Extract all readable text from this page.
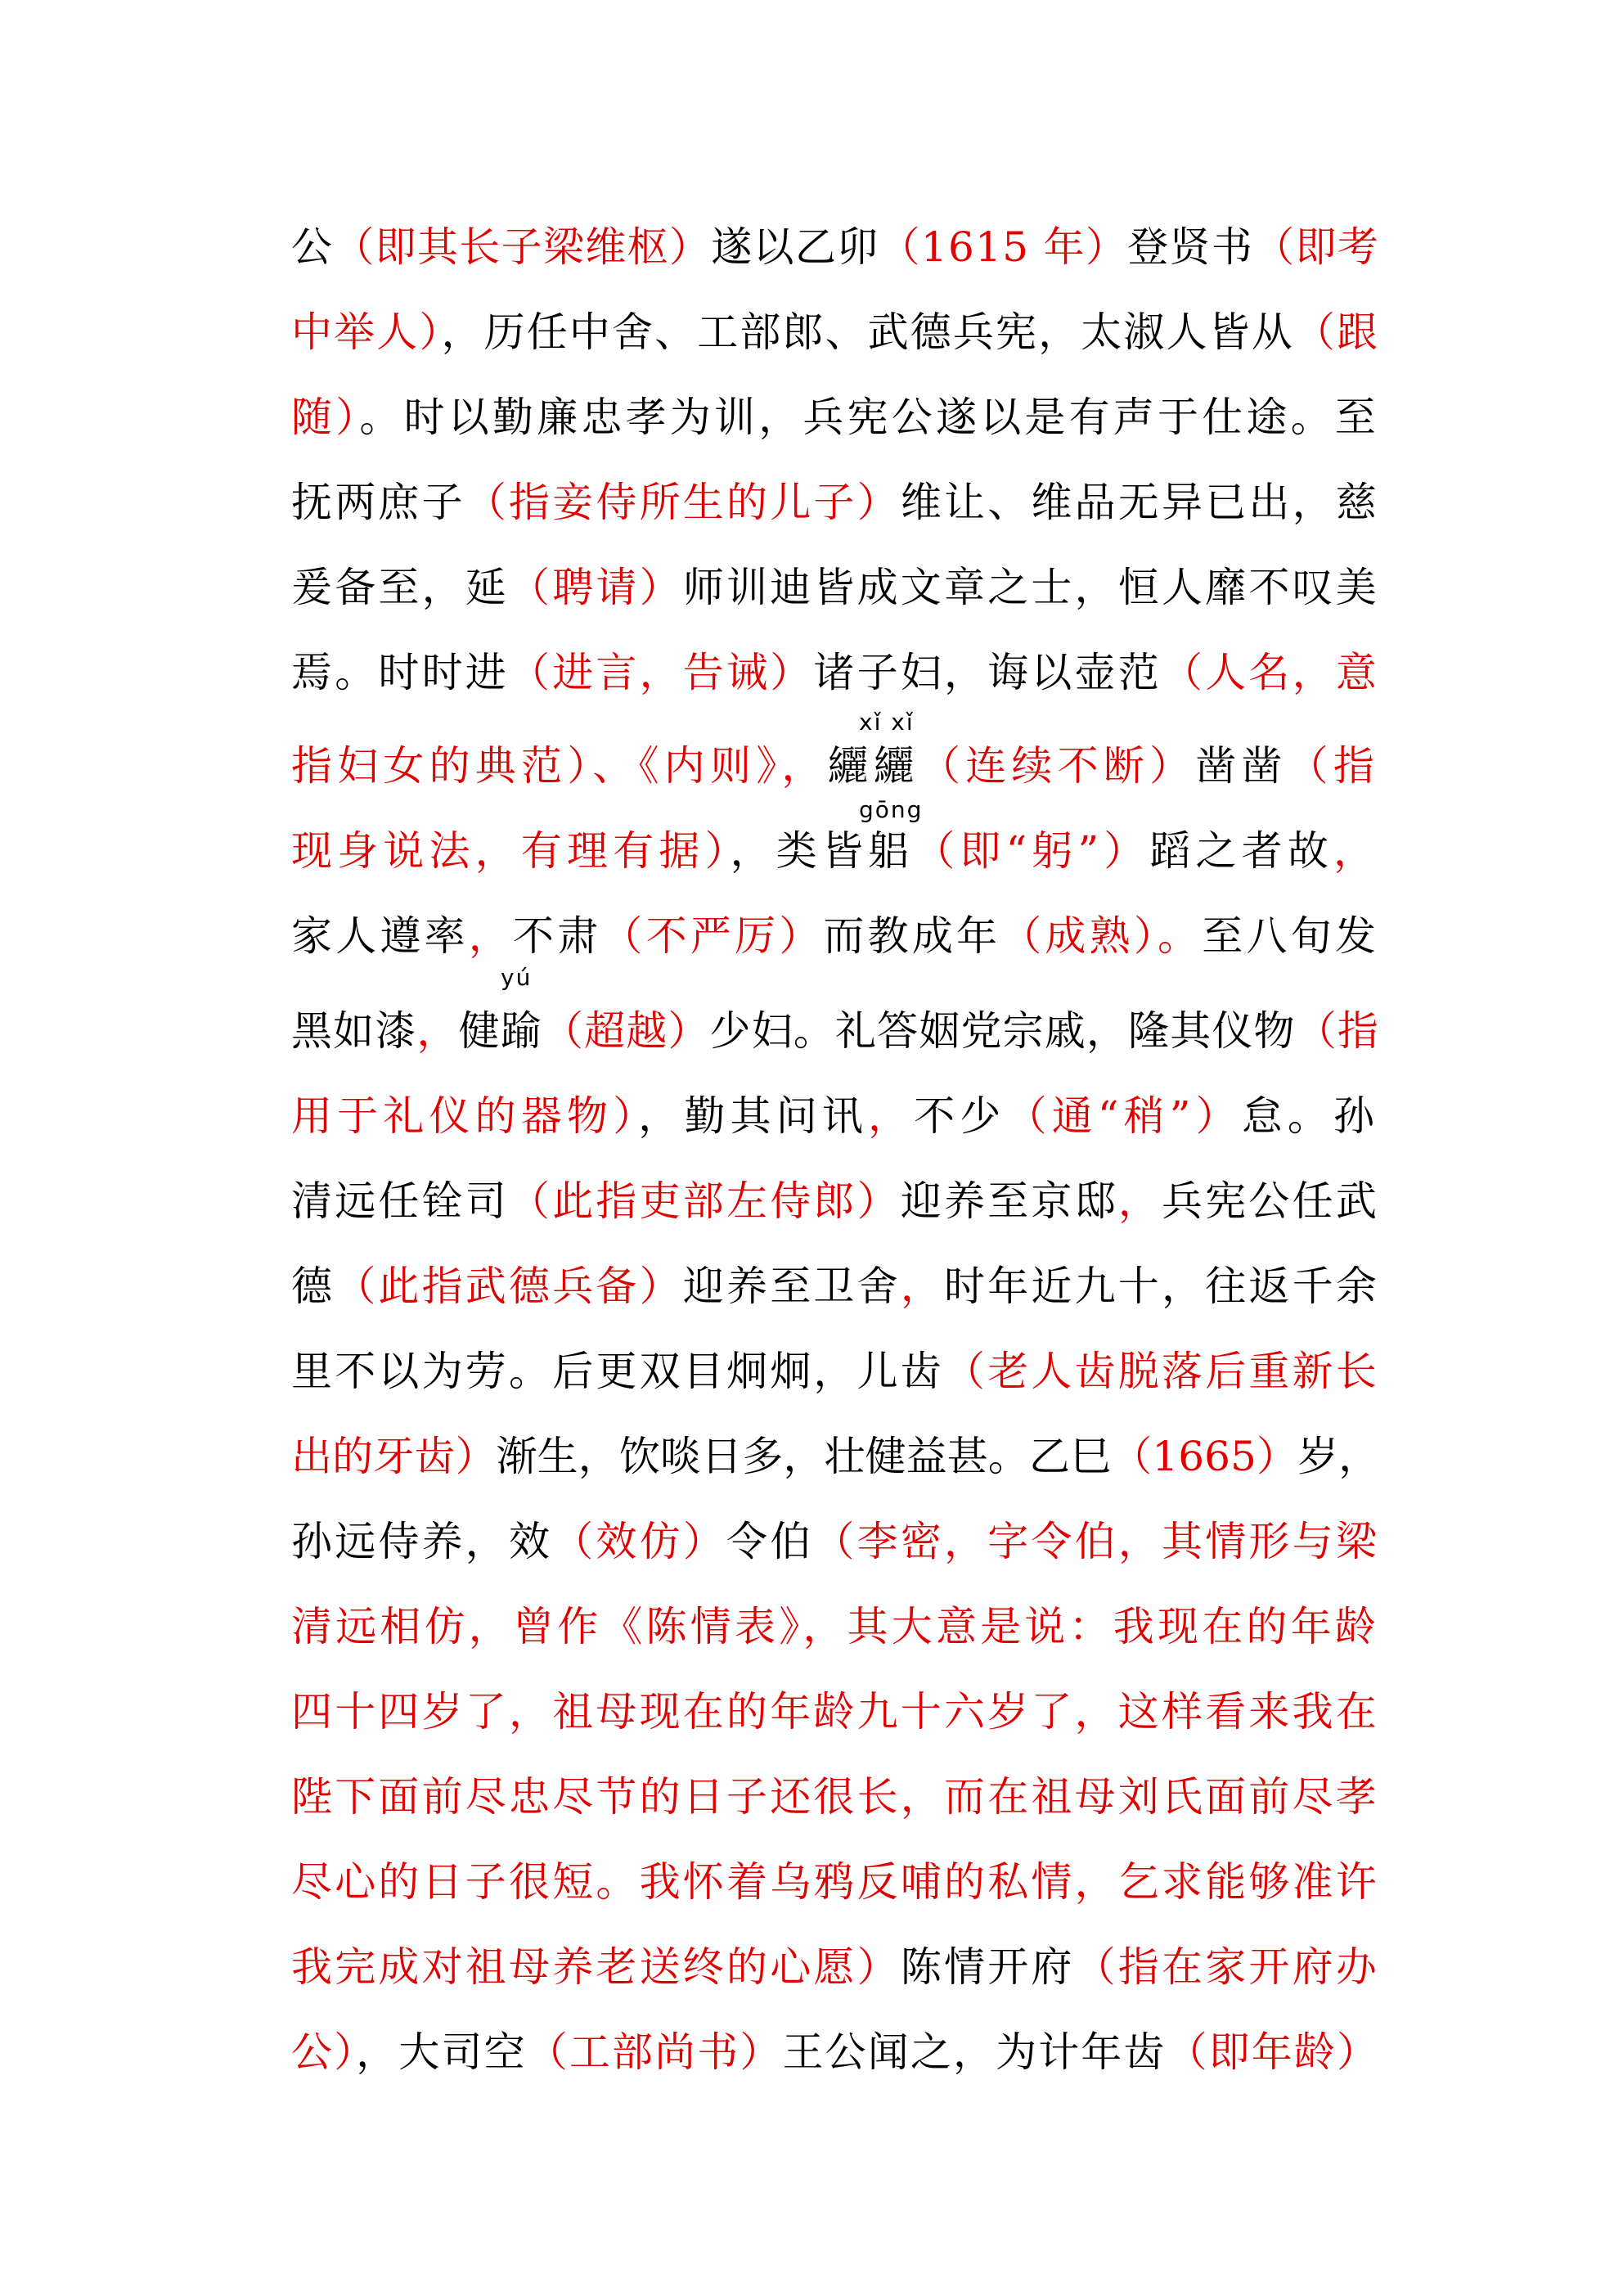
公（即其长子梁维枢）遂以乙卯（1615 年）登贤书（即考
中举人），历任中舍、工部郎、武德兵宪，太淑人皆从（跟
随）。时以勤廉忠孝为训，兵宪公遂以是有声于仕途。至
抚两庶子（指妾侍所生的儿子）维让、维品无异已出，慈
爰备至，延（聘请）师训迪皆成文章之士，恒人靡不叹美
焉。时时进（进言，告诫）诸子妇，诲以壶范（人名，意
指妇女的典范）、《内则》，纚纚（连续不断）凿凿（指
现身说法，有理有据），类皆躳（即“躬”）蹈之者故，
家人遵率，不肃（不严厉）而教成年（成熟）。至八旬发
黑如漆，健踰（超越）少妇。礼答姻党宗戚，隆其仪物（指
用于礼仪的器物），勤其问讯，不少（通“稍”）怠。孙
清远任铨司（此指吏部左侍郎）迎养至京邸，兵宪公任武
德（此指武德兵备）迎养至卫舍，时年近九十，往返千余
里不以为劳。后更双目炯炯，儿齿（老人齿脱落后重新长
出的牙齿）渐生，饮啖日多，壮健益甚。乙巳（1665）岁，
孙远侍养，效（效仿）令伯（李密，字令伯，其情形与梁
清远相仿，曾作《陈情表》，其大意是说：我现在的年龄
四十四岁了，祖母现在的年龄九十六岁了，这样看来我在
陛下面前尽忠尽节的日子还很长，而在祖母刘氏面前尽孝
尽心的日子很短。我怀着乌鸦反哺的私情，乞求能够准许
我完成对祖母养老送终的心愿）陈情开府（指在家开府办
公），大司空（工部尚书）王公闻之，为计年齿（即年龄）
xǐ xǐ
gōng
yú
